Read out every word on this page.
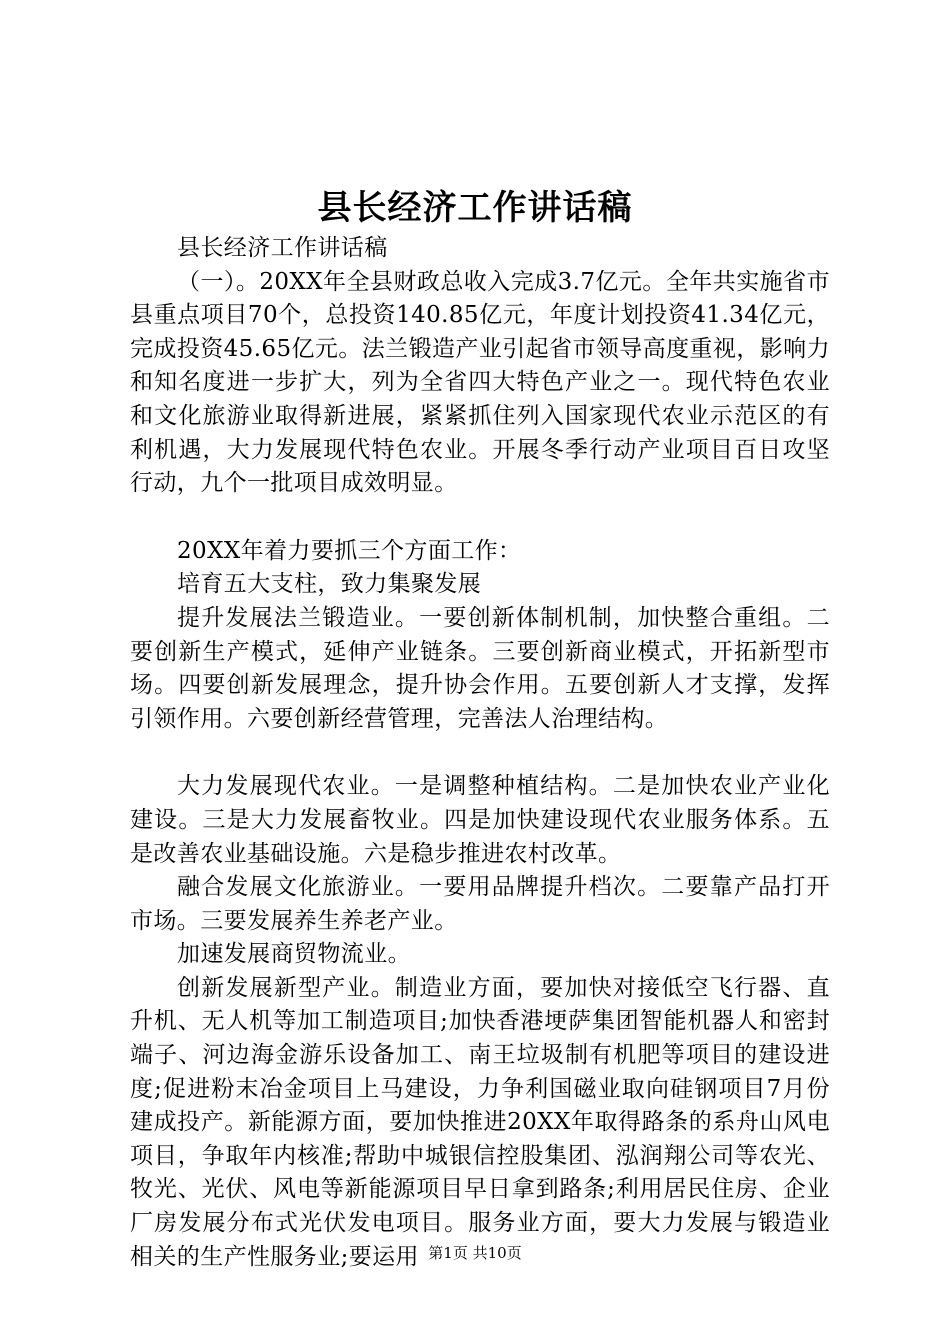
县长经济工作讲话稿

县长经济工作讲话稿

（一）。20XX年全县财政总收入完成3.7亿元。全年共实施省市县重点项目70个，总投资140.85亿元，年度计划投资41.34亿元，完成投资45.65亿元。法兰锻造产业引起省市领导高度重视，影响力和知名度进一步扩大，列为全省四大特色产业之一。现代特色农业和文化旅游业取得新进展，紧紧抓住列入国家现代农业示范区的有利机遇，大力发展现代特色农业。开展冬季行动产业项目百日攻坚行动，九个一批项目成效明显。

20XX年着力要抓三个方面工作：

培育五大支柱，致力集聚发展

提升发展法兰锻造业。一要创新体制机制，加快整合重组。二要创新生产模式，延伸产业链条。三要创新商业模式，开拓新型市场。四要创新发展理念，提升协会作用。五要创新人才支撑，发挥引领作用。六要创新经营管理，完善法人治理结构。

大力发展现代农业。一是调整种植结构。二是加快农业产业化建设。三是大力发展畜牧业。四是加快建设现代农业服务体系。五是改善农业基础设施。六是稳步推进农村改革。

融合发展文化旅游业。一要用品牌提升档次。二要靠产品打开市场。三要发展养生养老产业。

加速发展商贸物流业。

创新发展新型产业。制造业方面，要加快对接低空飞行器、直升机、无人机等加工制造项目;加快香港埂萨集团智能机器人和密封端子、河边海金游乐设备加工、南王垃圾制有机肥等项目的建设进度;促进粉末冶金项目上马建设，力争利国磁业取向硅钢项目7月份建成投产。新能源方面，要加快推进20XX年取得路条的系舟山风电项目，争取年内核准;帮助中城银信控股集团、泓润翔公司等农光、牧光、光伏、风电等新能源项目早日拿到路条;利用居民住房、企业厂房发展分布式光伏发电项目。服务业方面，要大力发展与锻造业相关的生产性服务业;要运用 第1页 共10页
